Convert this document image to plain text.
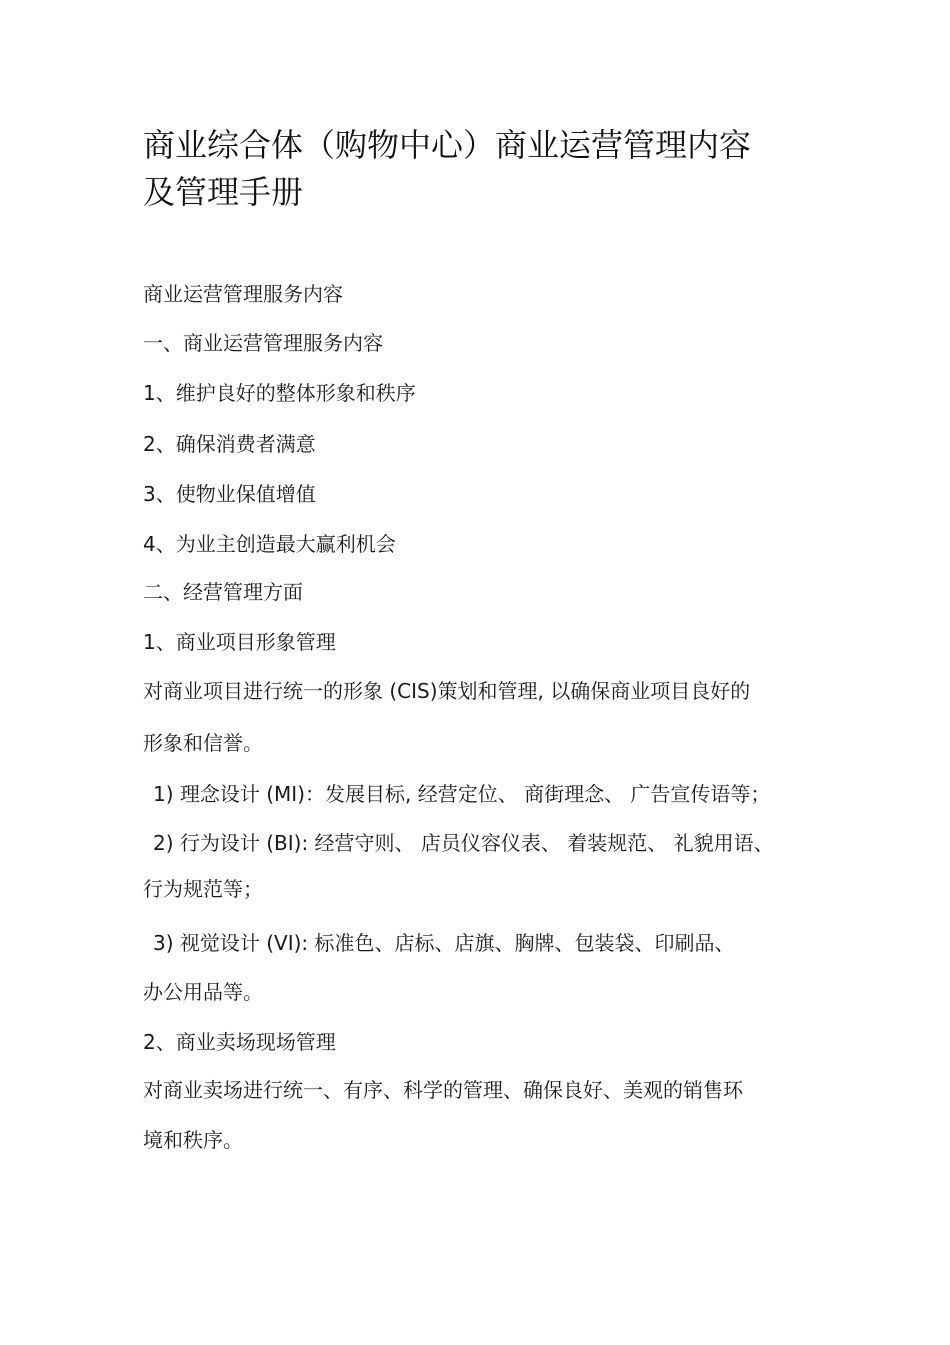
商业综合体（购物中心）商业运营管理内容
及管理手册

商业运营管理服务内容

一、商业运营管理服务内容

1、维护良好的整体形象和秩序

2、确保消费者满意

3、使物业保值增值

4、为业主创造最大赢利机会

二、经营管理方面

1、商业项目形象管理

对商业项目进行统一的形象 (CIS)策划和管理, 以确保商业项目良好的

形象和信誉。

1) 理念设计 (MI)：发展目标, 经营定位、 商街理念、 广告宣传语等；

2) 行为设计 (BI): 经营守则、 店员仪容仪表、 着装规范、 礼貌用语、

行为规范等；

3) 视觉设计 (VI): 标准色、店标、店旗、胸牌、包装袋、印刷品、

办公用品等。

2、商业卖场现场管理

对商业卖场进行统一、有序、科学的管理、确保良好、美观的销售环

境和秩序。
